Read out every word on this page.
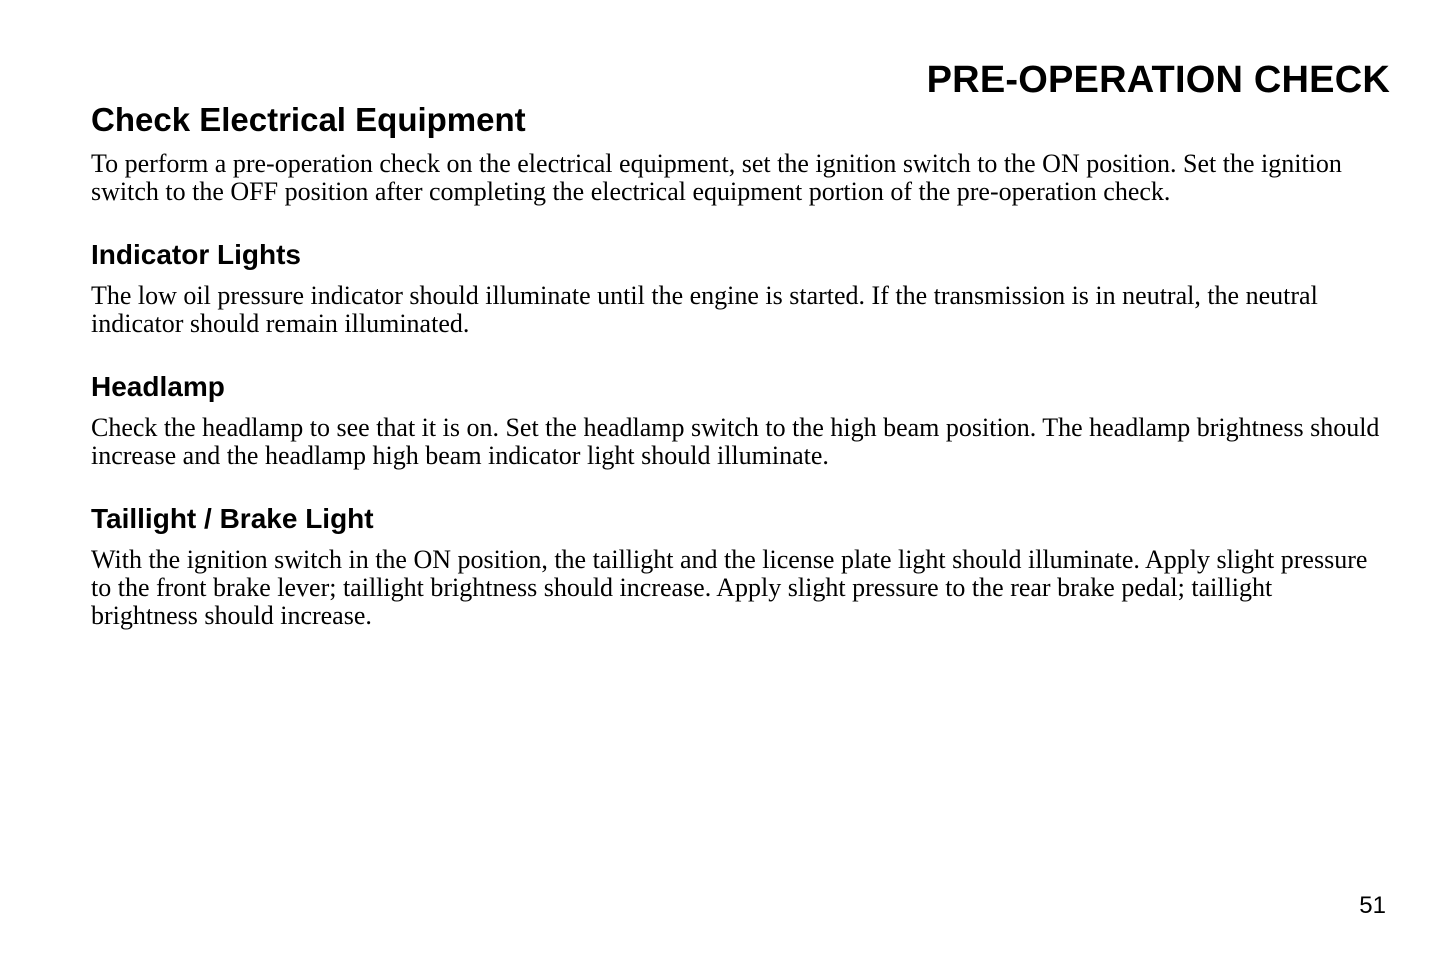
PRE-OPERATION CHECK
Check Electrical Equipment

To perform a pre-operation check on the electrical equipment, set the ignition switch to the ON position. Set the ignition switch to the OFF position after completing the electrical equipment portion of the pre-operation check.

Indicator Lights

The low oil pressure indicator should illuminate until the engine is started. If the transmission is in neutral, the neutral indicator should remain illuminated.

Headlamp

Check the headlamp to see that it is on. Set the headlamp switch to the high beam position. The headlamp brightness should increase and the headlamp high beam indicator light should illuminate.

Taillight / Brake Light

With the ignition switch in the ON position, the taillight and the license plate light should illuminate. Apply slight pressure to the front brake lever; taillight brightness should increase. Apply slight pressure to the rear brake pedal; taillight brightness should increase.

51
